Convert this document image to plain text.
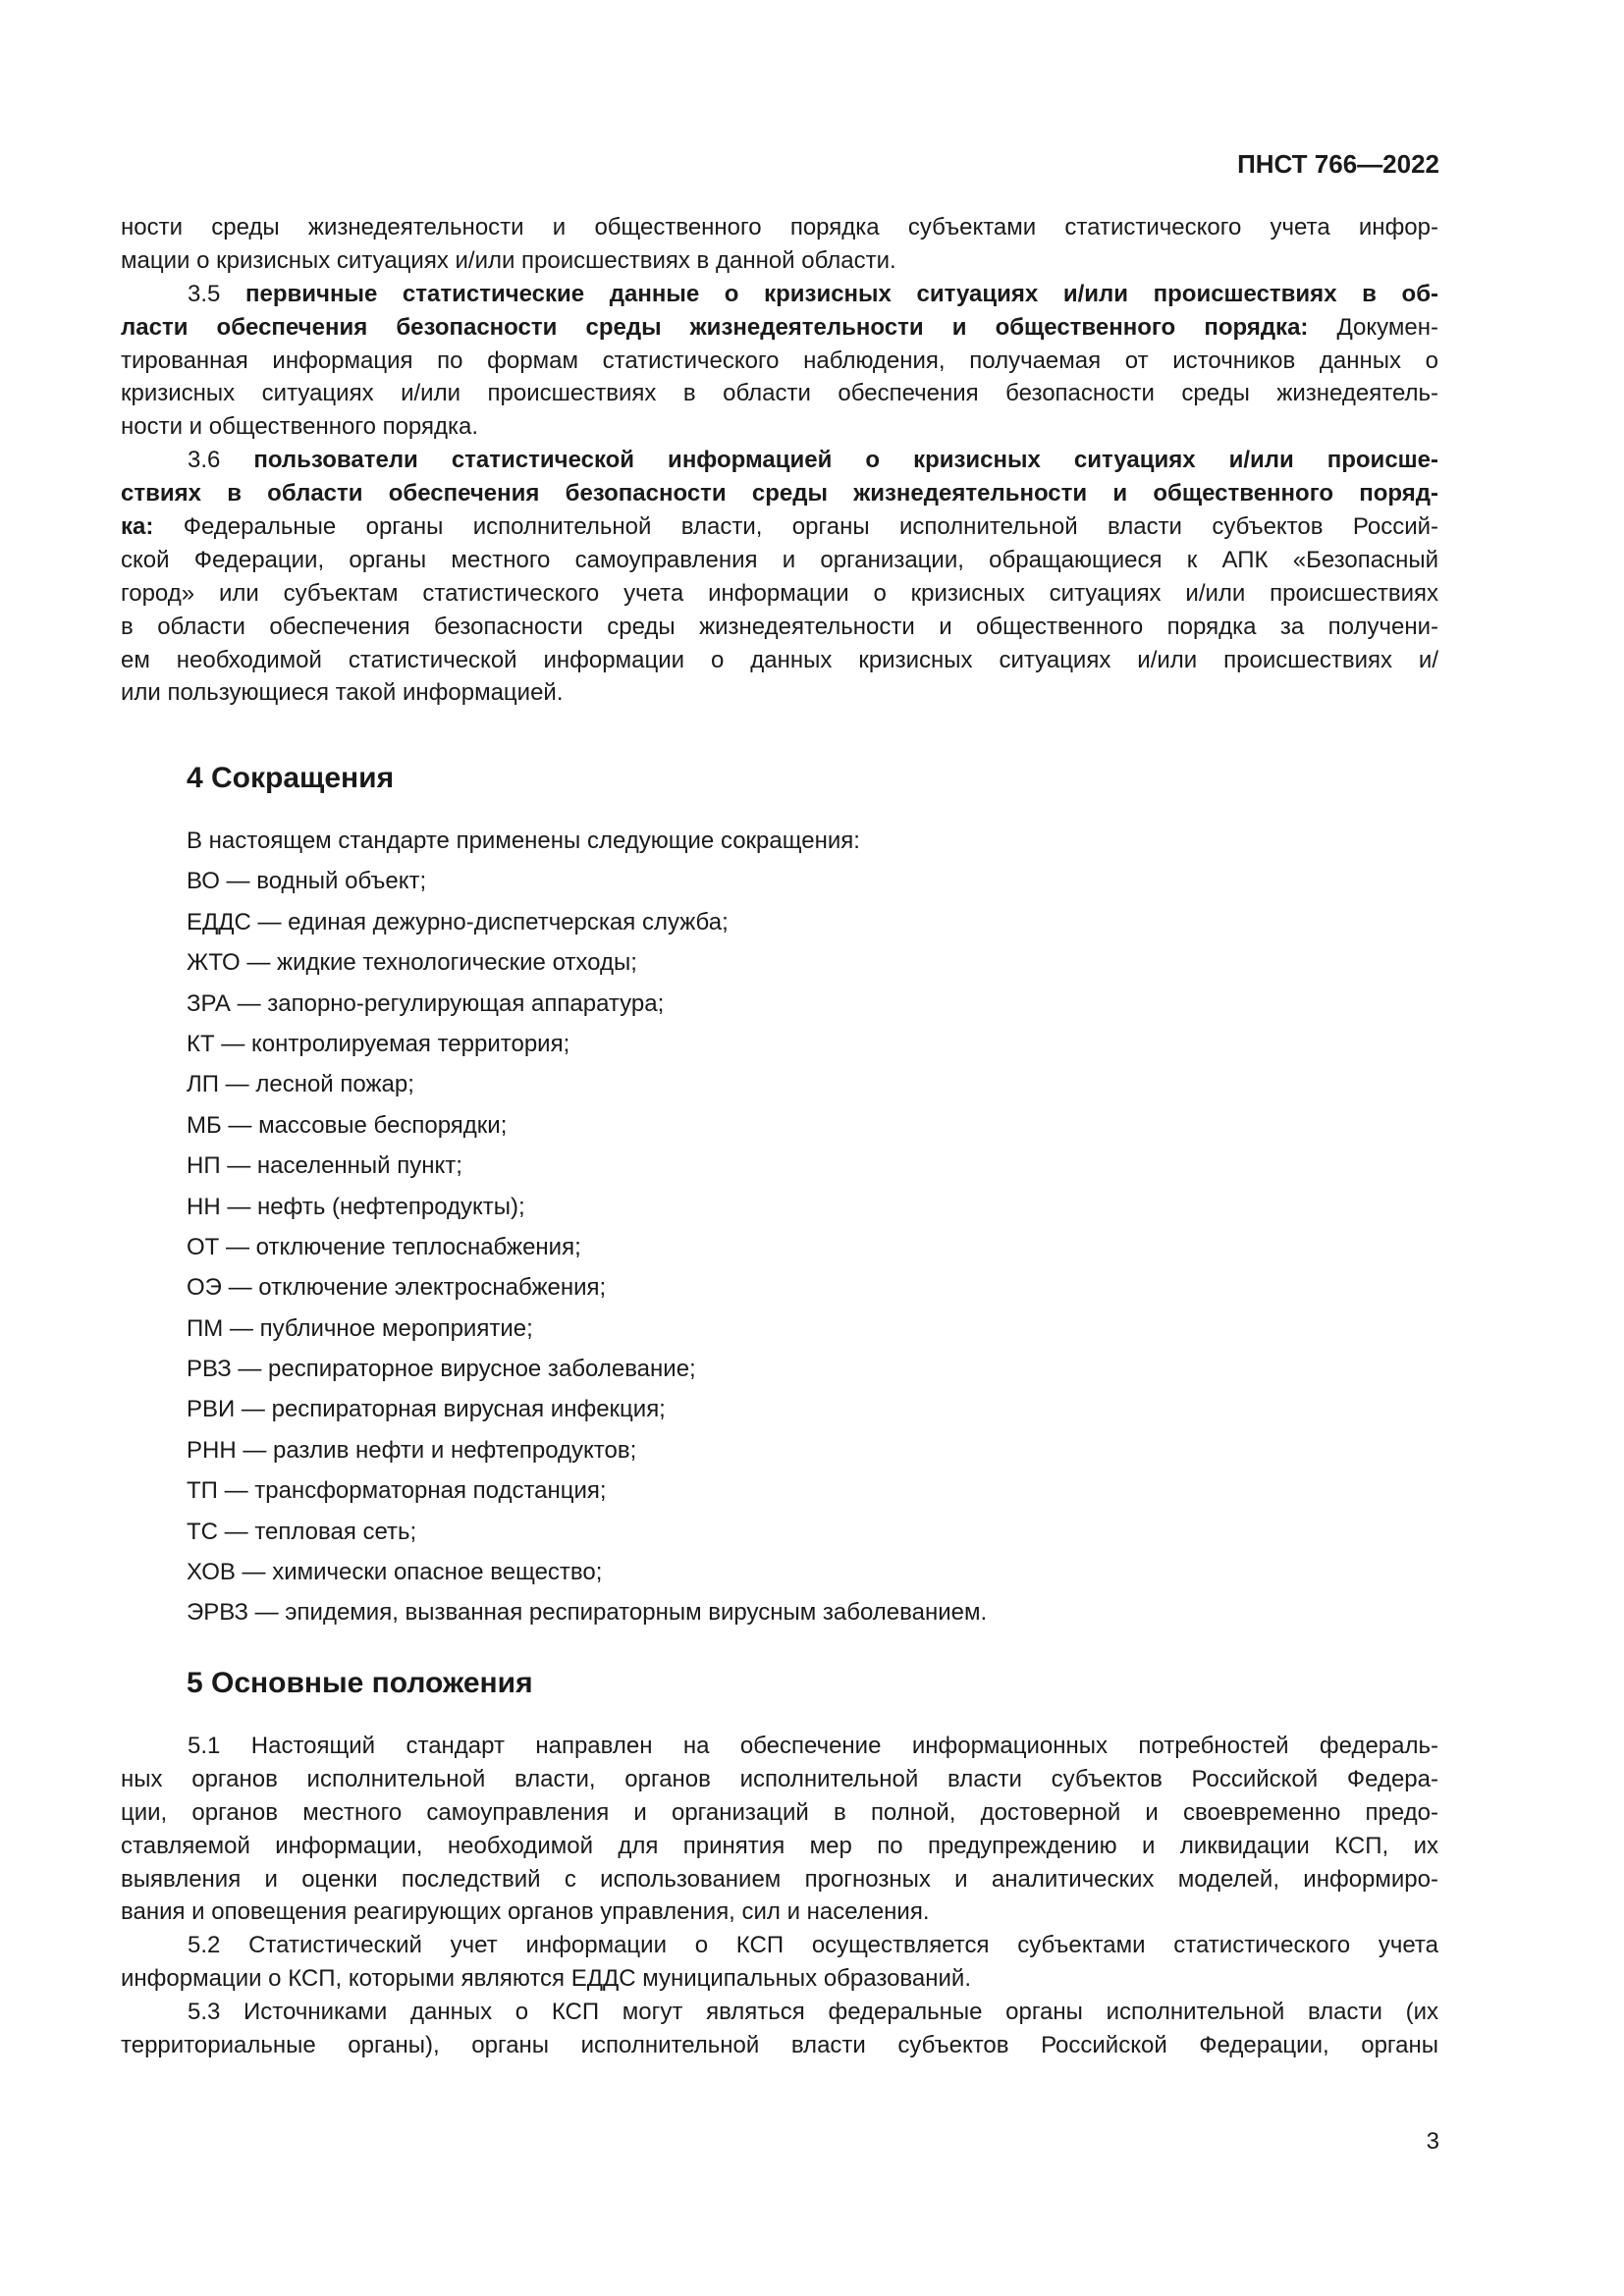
ПНСТ 766—2022
ности среды жизнедеятельности и общественного порядка субъектами статистического учета инфор-
мации о кризисных ситуациях и/или происшествиях в данной области.
3.5 первичные статистические данные о кризисных ситуациях и/или происшествиях в об-
ласти обеспечения безопасности среды жизнедеятельности и общественного порядка: Докумен-
тированная информация по формам статистического наблюдения, получаемая от источников данных о
кризисных ситуациях и/или происшествиях в области обеспечения безопасности среды жизнедеятель-
ности и общественного порядка.
3.6 пользователи статистической информацией о кризисных ситуациях и/или происше-
ствиях в области обеспечения безопасности среды жизнедеятельности и общественного поряд-
ка: Федеральные органы исполнительной власти, органы исполнительной власти субъектов Россий-
ской Федерации, органы местного самоуправления и организации, обращающиеся к АПК «Безопасный
город» или субъектам статистического учета информации о кризисных ситуациях и/или происшествиях
в области обеспечения безопасности среды жизнедеятельности и общественного порядка за получени-
ем необходимой статистической информации о данных кризисных ситуациях и/или происшествиях и/
или пользующиеся такой информацией.
4 Сокращения
В настоящем стандарте применены следующие сокращения:
ВО — водный объект;
ЕДДС — единая дежурно-диспетчерская служба;
ЖТО — жидкие технологические отходы;
ЗРА — запорно-регулирующая аппаратура;
КТ — контролируемая территория;
ЛП — лесной пожар;
МБ — массовые беспорядки;
НП — населенный пункт;
НН — нефть (нефтепродукты);
ОТ — отключение теплоснабжения;
ОЭ — отключение электроснабжения;
ПМ — публичное мероприятие;
РВЗ — респираторное вирусное заболевание;
РВИ — респираторная вирусная инфекция;
РНН — разлив нефти и нефтепродуктов;
ТП — трансформаторная подстанция;
ТС — тепловая сеть;
ХОВ — химически опасное вещество;
ЭРВЗ — эпидемия, вызванная респираторным вирусным заболеванием.
5 Основные положения
5.1 Настоящий стандарт направлен на обеспечение информационных потребностей федераль-
ных органов исполнительной власти, органов исполнительной власти субъектов Российской Федера-
ции, органов местного самоуправления и организаций в полной, достоверной и своевременно предо-
ставляемой информации, необходимой для принятия мер по предупреждению и ликвидации КСП, их
выявления и оценки последствий с использованием прогнозных и аналитических моделей, информиро-
вания и оповещения реагирующих органов управления, сил и населения.
5.2 Статистический учет информации о КСП осуществляется субъектами статистического учета
информации о КСП, которыми являются ЕДДС муниципальных образований.
5.3 Источниками данных о КСП могут являться федеральные органы исполнительной власти (их
территориальные органы), органы исполнительной власти субъектов Российской Федерации, органы
3
